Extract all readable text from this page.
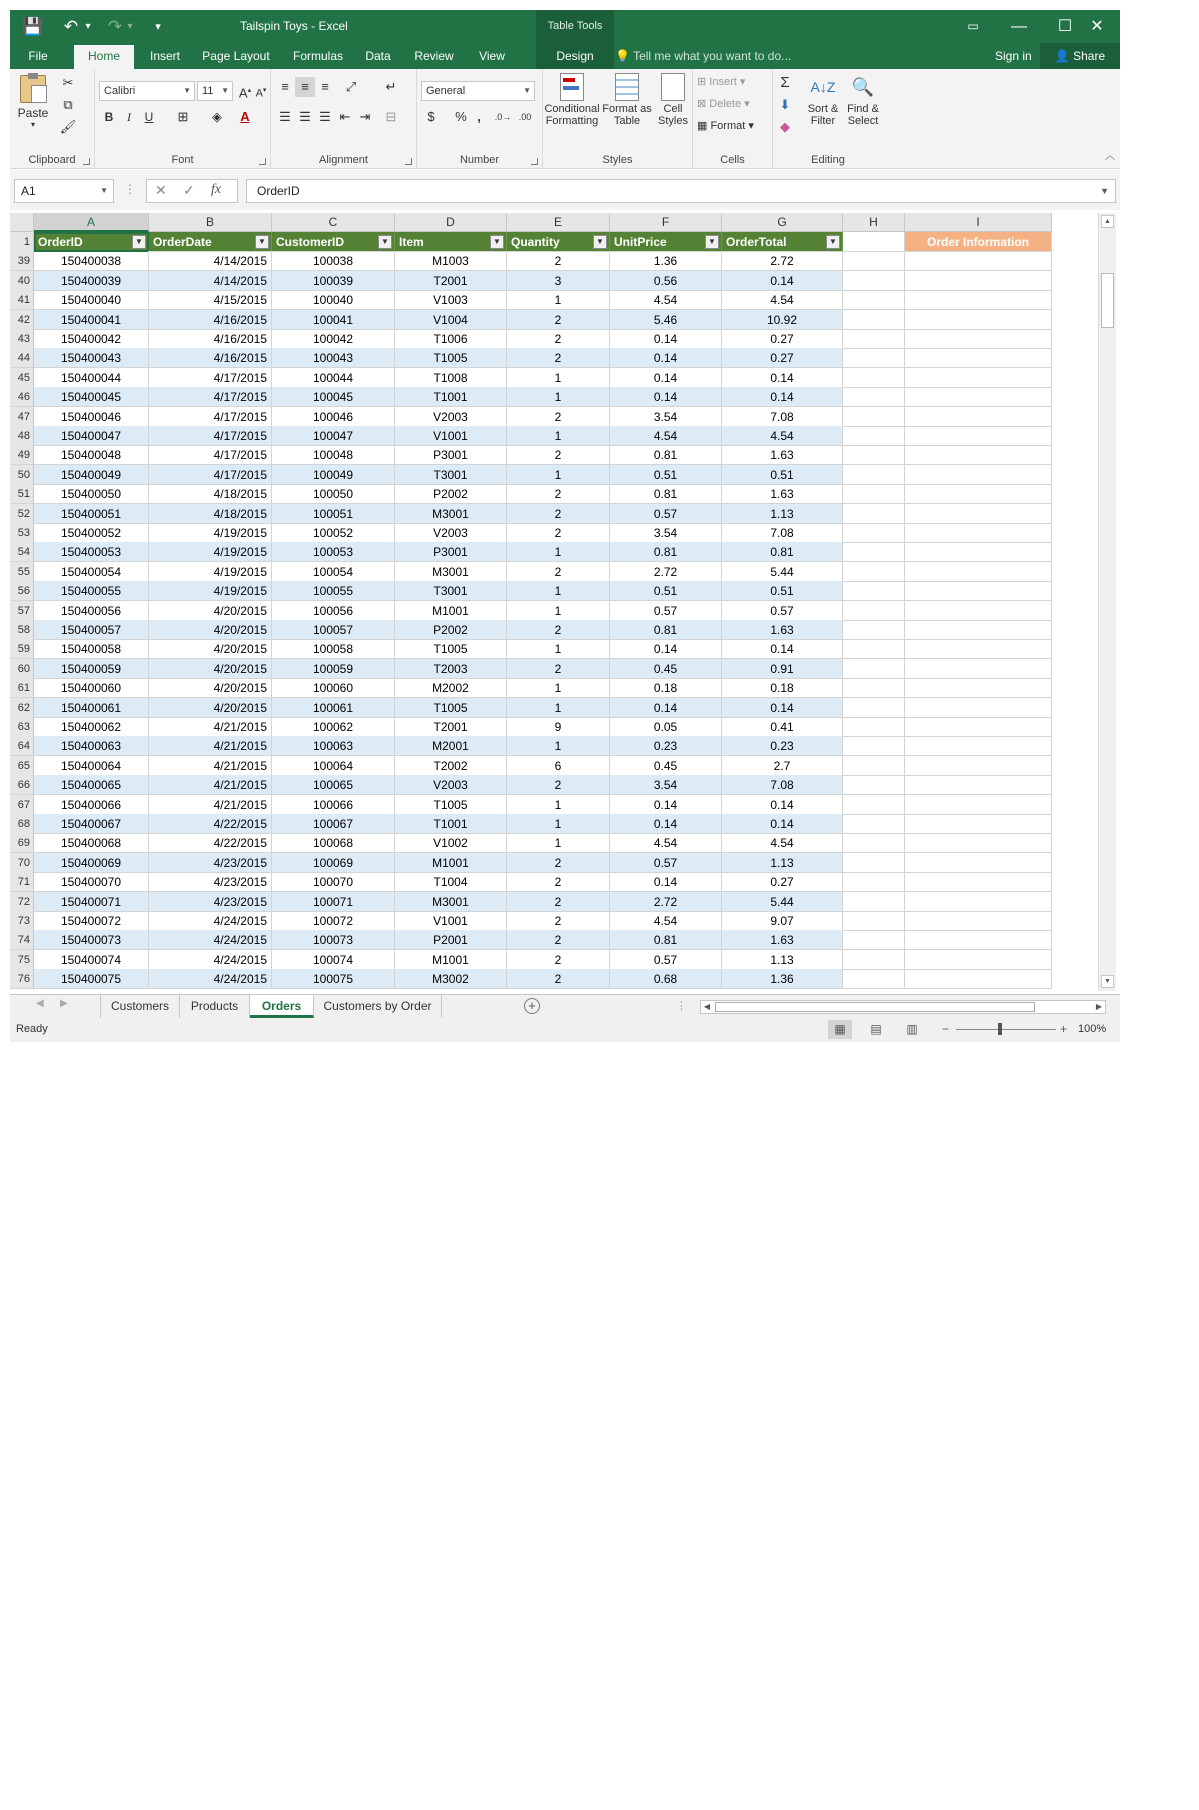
💾 ↶ ▾ ↷ ▾	▾	Tailspin Toys - Excel	Table Tools	▭	—	☐	✕
File	Home	Insert	Page Layout	Formulas	Data	Review	View	Design	💡 Tell me what you want to do...	Sign in	👤 Share
Paste
▾
✂
⧉
🖌
Clipboard
Calibri	▼	11 ▼ A▴ A▾
B	I	U	⊞	◈	A
Font
≡ ≡ ≡	⤢	↵
☰ ☰ ☰ ⇤ ⇥	⊟
Alignment
General	▼
$	% ,	.0→ .00
Number
Conditional
Formatting
Format as
Table
Cell
Styles
Styles
⊞ Insert ▾
⊠ Delete ▾
▦ Format ▾
Cells
Σ
⬇
◆
A↓Z
Sort &
Filter
🔍
Find &
Select
Editing	︿
A1	▼ ⋮ ✕ ✓ fx	OrderID	▼
A	B	C	D	E	F	G	H	I
1 OrderID	▼ OrderDate	▼ CustomerID	▼ Item	▼ Quantity	▼ UnitPrice	▼ OrderTotal	▼	Order Information
39	150400038	4/14/2015	100038	M1003	2	1.36	2.72
40	150400039	4/14/2015	100039	T2001	3	0.56	0.14
41	150400040	4/15/2015	100040	V1003	1	4.54	4.54
42	150400041	4/16/2015	100041	V1004	2	5.46	10.92
43	150400042	4/16/2015	100042	T1006	2	0.14	0.27
44	150400043	4/16/2015	100043	T1005	2	0.14	0.27
45	150400044	4/17/2015	100044	T1008	1	0.14	0.14
46	150400045	4/17/2015	100045	T1001	1	0.14	0.14
47	150400046	4/17/2015	100046	V2003	2	3.54	7.08
48	150400047	4/17/2015	100047	V1001	1	4.54	4.54
49	150400048	4/17/2015	100048	P3001	2	0.81	1.63
50	150400049	4/17/2015	100049	T3001	1	0.51	0.51
51	150400050	4/18/2015	100050	P2002	2	0.81	1.63
52	150400051	4/18/2015	100051	M3001	2	0.57	1.13
53	150400052	4/19/2015	100052	V2003	2	3.54	7.08
54	150400053	4/19/2015	100053	P3001	1	0.81	0.81
55	150400054	4/19/2015	100054	M3001	2	2.72	5.44
56	150400055	4/19/2015	100055	T3001	1	0.51	0.51
57	150400056	4/20/2015	100056	M1001	1	0.57	0.57
58	150400057	4/20/2015	100057	P2002	2	0.81	1.63
59	150400058	4/20/2015	100058	T1005	1	0.14	0.14
60	150400059	4/20/2015	100059	T2003	2	0.45	0.91
61	150400060	4/20/2015	100060	M2002	1	0.18	0.18
62	150400061	4/20/2015	100061	T1005	1	0.14	0.14
63	150400062	4/21/2015	100062	T2001	9	0.05	0.41
64	150400063	4/21/2015	100063	M2001	1	0.23	0.23
65	150400064	4/21/2015	100064	T2002	6	0.45	2.7
66	150400065	4/21/2015	100065	V2003	2	3.54	7.08
67	150400066	4/21/2015	100066	T1005	1	0.14	0.14
68	150400067	4/22/2015	100067	T1001	1	0.14	0.14
69	150400068	4/22/2015	100068	V1002	1	4.54	4.54
70	150400069	4/23/2015	100069	M1001	2	0.57	1.13
71	150400070	4/23/2015	100070	T1004	2	0.14	0.27
72	150400071	4/23/2015	100071	M3001	2	2.72	5.44
73	150400072	4/24/2015	100072	V1001	2	4.54	9.07
74	150400073	4/24/2015	100073	P2001	2	0.81	1.63
75	150400074	4/24/2015	100074	M1001	2	0.57	1.13
76	150400075	4/24/2015	100075	M3002	2	0.68	1.36
▲
▼
◀ ▶	Customers	Products	Orders	Customers by Order	+	⋮	◀	▶
Ready	▦	▤	▥	−	+ 100%
